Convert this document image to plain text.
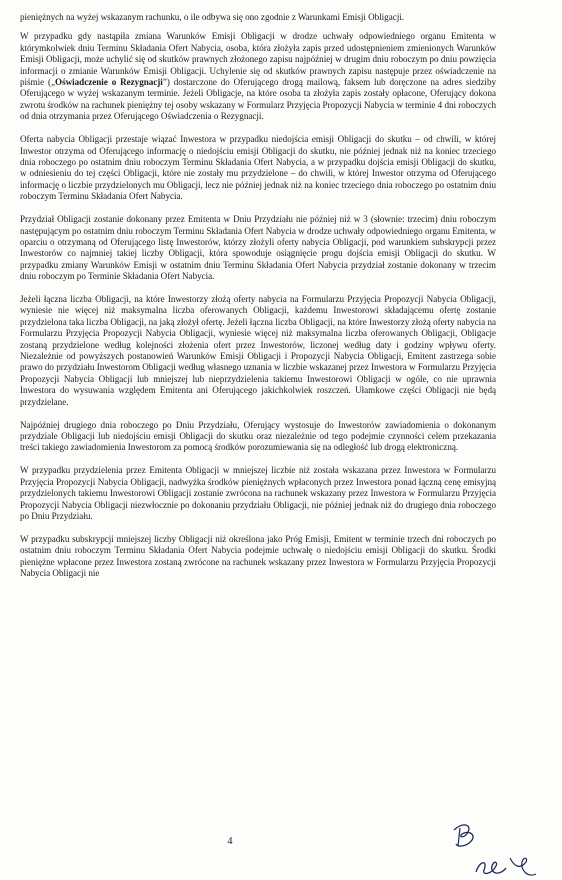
pieniężnych na wyżej wskazanym rachunku, o ile odbywa się ono zgodnie z Warunkami Emisji Obligacji.

W przypadku gdy nastąpiła zmiana Warunków Emisji Obligacji w drodze uchwały odpowiedniego organu Emitenta w którymkolwiek dniu Terminu Składania Ofert Nabycia, osoba, która złożyła zapis przed udostępnieniem zmienionych Warunków Emisji Obligacji, może uchylić się od skutków prawnych złożonego zapisu najpóźniej w drugim dniu roboczym po dniu powzięcia informacji o zmianie Warunków Emisji Obligacji. Uchylenie się od skutków prawnych zapisu następuje przez oświadczenie na piśmie („Oświadczenie o Rezygnacji”) dostarczone do Oferującego drogą mailową, faksem lub doręczone na adres siedziby Oferującego w wyżej wskazanym terminie. Jeżeli Obligacje, na które osoba ta złożyła zapis zostały opłacone, Oferujący dokona zwrotu środków na rachunek pieniężny tej osoby wskazany w Formularz Przyjęcia Propozycji Nabycia w terminie 4 dni roboczych od dnia otrzymania przez Oferującego Oświadczenia o Rezygnacji.

Oferta nabycia Obligacji przestaje wiązać Inwestora w przypadku niedojścia emisji Obligacji do skutku – od chwili, w której Inwestor otrzyma od Oferującego informację o niedojściu emisji Obligacji do skutku, nie później jednak niż na koniec trzeciego dnia roboczego po ostatnim dniu roboczym Terminu Składania Ofert Nabycia, a w przypadku dojścia emisji Obligacji do skutku, w odniesieniu do tej części Obligacji, które nie zostały mu przydzielone – do chwili, w której Inwestor otrzyma od Oferującego informację o liczbie przydzielonych mu Obligacji, lecz nie później jednak niż na koniec trzeciego dnia roboczego po ostatnim dniu roboczym Terminu Składania Ofert Nabycia.

Przydział Obligacji zostanie dokonany przez Emitenta w Dniu Przydziału nie później niż w 3 (słownie: trzecim) dniu roboczym następującym po ostatnim dniu roboczym Terminu Składania Ofert Nabycia w drodze uchwały odpowiedniego organu Emitenta, w oparciu o otrzymaną od Oferującego listę Inwestorów, którzy złożyli oferty nabycia Obligacji, pod warunkiem subskrypcji przez Inwestorów co najmniej takiej liczby Obligacji, która spowoduje osiągnięcie progu dojścia emisji Obligacji do skutku. W przypadku zmiany Warunków Emisji w ostatnim dniu Terminu Składania Ofert Nabycia przydział zostanie dokonany w trzecim dniu roboczym po Terminie Składania Ofert Nabycia.

Jeżeli łączna liczba Obligacji, na które Inwestorzy złożą oferty nabycia na Formularzu Przyjęcia Propozycji Nabycia Obligacji, wyniesie nie więcej niż maksymalna liczba oferowanych Obligacji, każdemu Inwestorowi składającemu ofertę zostanie przydzielona taka liczba Obligacji, na jaką złożył ofertę. Jeżeli łączna liczba Obligacji, na które Inwestorzy złożą oferty nabycia na Formularzu Przyjęcia Propozycji Nabycia Obligacji, wyniesie więcej niż maksymalna liczba oferowanych Obligacji, Obligacje zostaną przydzielone według kolejności złożenia ofert przez Inwestorów, liczonej według daty i godziny wpływu oferty. Niezależnie od powyższych postanowień Warunków Emisji Obligacji i Propozycji Nabycia Obligacji, Emitent zastrzega sobie prawo do przydziału Inwestorom Obligacji według własnego uznania w liczbie wskazanej przez Inwestora w Formularzu Przyjęcia Propozycji Nabycia Obligacji lub mniejszej lub nieprzydzielenia takiemu Inwestorowi Obligacji w ogóle, co nie uprawnia Inwestora do wysuwania względem Emitenta ani Oferującego jakichkolwiek roszczeń. Ułamkowe części Obligacji nie będą przydzielane.

Najpóźniej drugiego dnia roboczego po Dniu Przydziału, Oferujący wystosuje do Inwestorów zawiadomienia o dokonanym przydziale Obligacji lub niedojściu emisji Obligacji do skutku oraz niezależnie od tego podejmie czynności celem przekazania treści takiego zawiadomienia Inwestorom za pomocą środków porozumiewania się na odległość lub drogą elektroniczną.

W przypadku przydzielenia przez Emitenta Obligacji w mniejszej liczbie niż została wskazana przez Inwestora w Formularzu Przyjęcia Propozycji Nabycia Obligacji, nadwyżka środków pieniężnych wpłaconych przez Inwestora ponad łączną cenę emisyjną przydzielonych takiemu Inwestorowi Obligacji zostanie zwrócona na rachunek wskazany przez Inwestora w Formularzu Przyjęcia Propozycji Nabycia Obligacji niezwłocznie po dokonaniu przydziału Obligacji, nie później jednak niż do drugiego dnia roboczego po Dniu Przydziału.

W przypadku subskrypcji mniejszej liczby Obligacji niż określona jako Próg Emisji, Emitent w terminie trzech dni roboczych po ostatnim dniu roboczym Terminu Składania Ofert Nabycia podejmie uchwałę o niedojściu emisji Obligacji do skutku. Środki pieniężne wpłacone przez Inwestora zostaną zwrócone na rachunek wskazany przez Inwestora w Formularzu Przyjęcia Propozycji Nabycia Obligacji nie

4
